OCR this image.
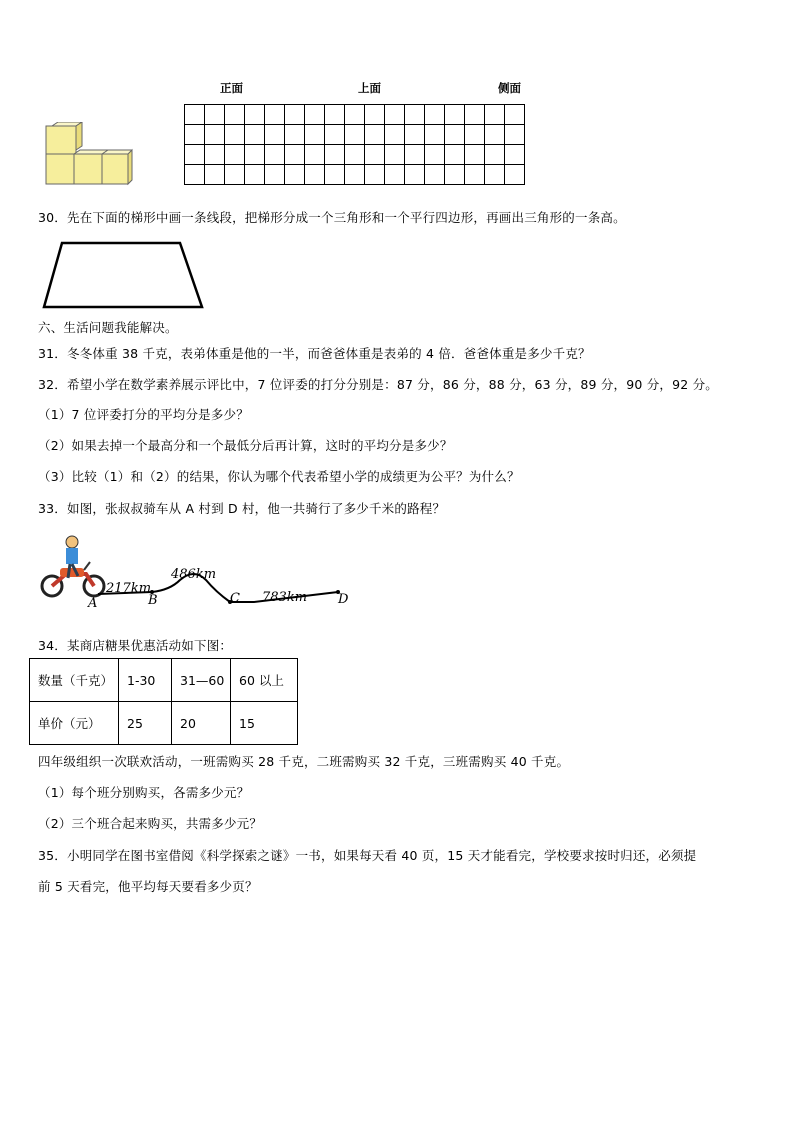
正面	上面	侧面

30．先在下面的梯形中画一条线段，把梯形分成一个三角形和一个平行四边形，再画出三角形的一条高。
六、生活问题我能解决。
31．冬冬体重 38 千克，表弟体重是他的一半，而爸爸体重是表弟的 4 倍．爸爸体重是多少千克？
32．希望小学在数学素养展示评比中，7 位评委的打分分别是：87 分，86 分，88 分，63 分，89 分，90 分，92 分。
（1）7 位评委打分的平均分是多少？
（2）如果去掉一个最高分和一个最低分后再计算，这时的平均分是多少？
（3）比较（1）和（2）的结果，你认为哪个代表希望小学的成绩更为公平？为什么？
33．如图，张叔叔骑车从 A 村到 D 村，他一共骑行了多少千米的路程？
217km
486km
783km
A	B	C	D
34．某商店糖果优惠活动如下图：
数量（千克）	1-30	31—60	60 以上
单价（元）	25	20	15
四年级组织一次联欢活动，一班需购买 28 千克，二班需购买 32 千克，三班需购买 40 千克。
（1）每个班分别购买，各需多少元？
（2）三个班合起来购买，共需多少元？
35．小明同学在图书室借阅《科学探索之谜》一书，如果每天看 40 页，15 天才能看完，学校要求按时归还，必须提
前 5 天看完，他平均每天要看多少页？
